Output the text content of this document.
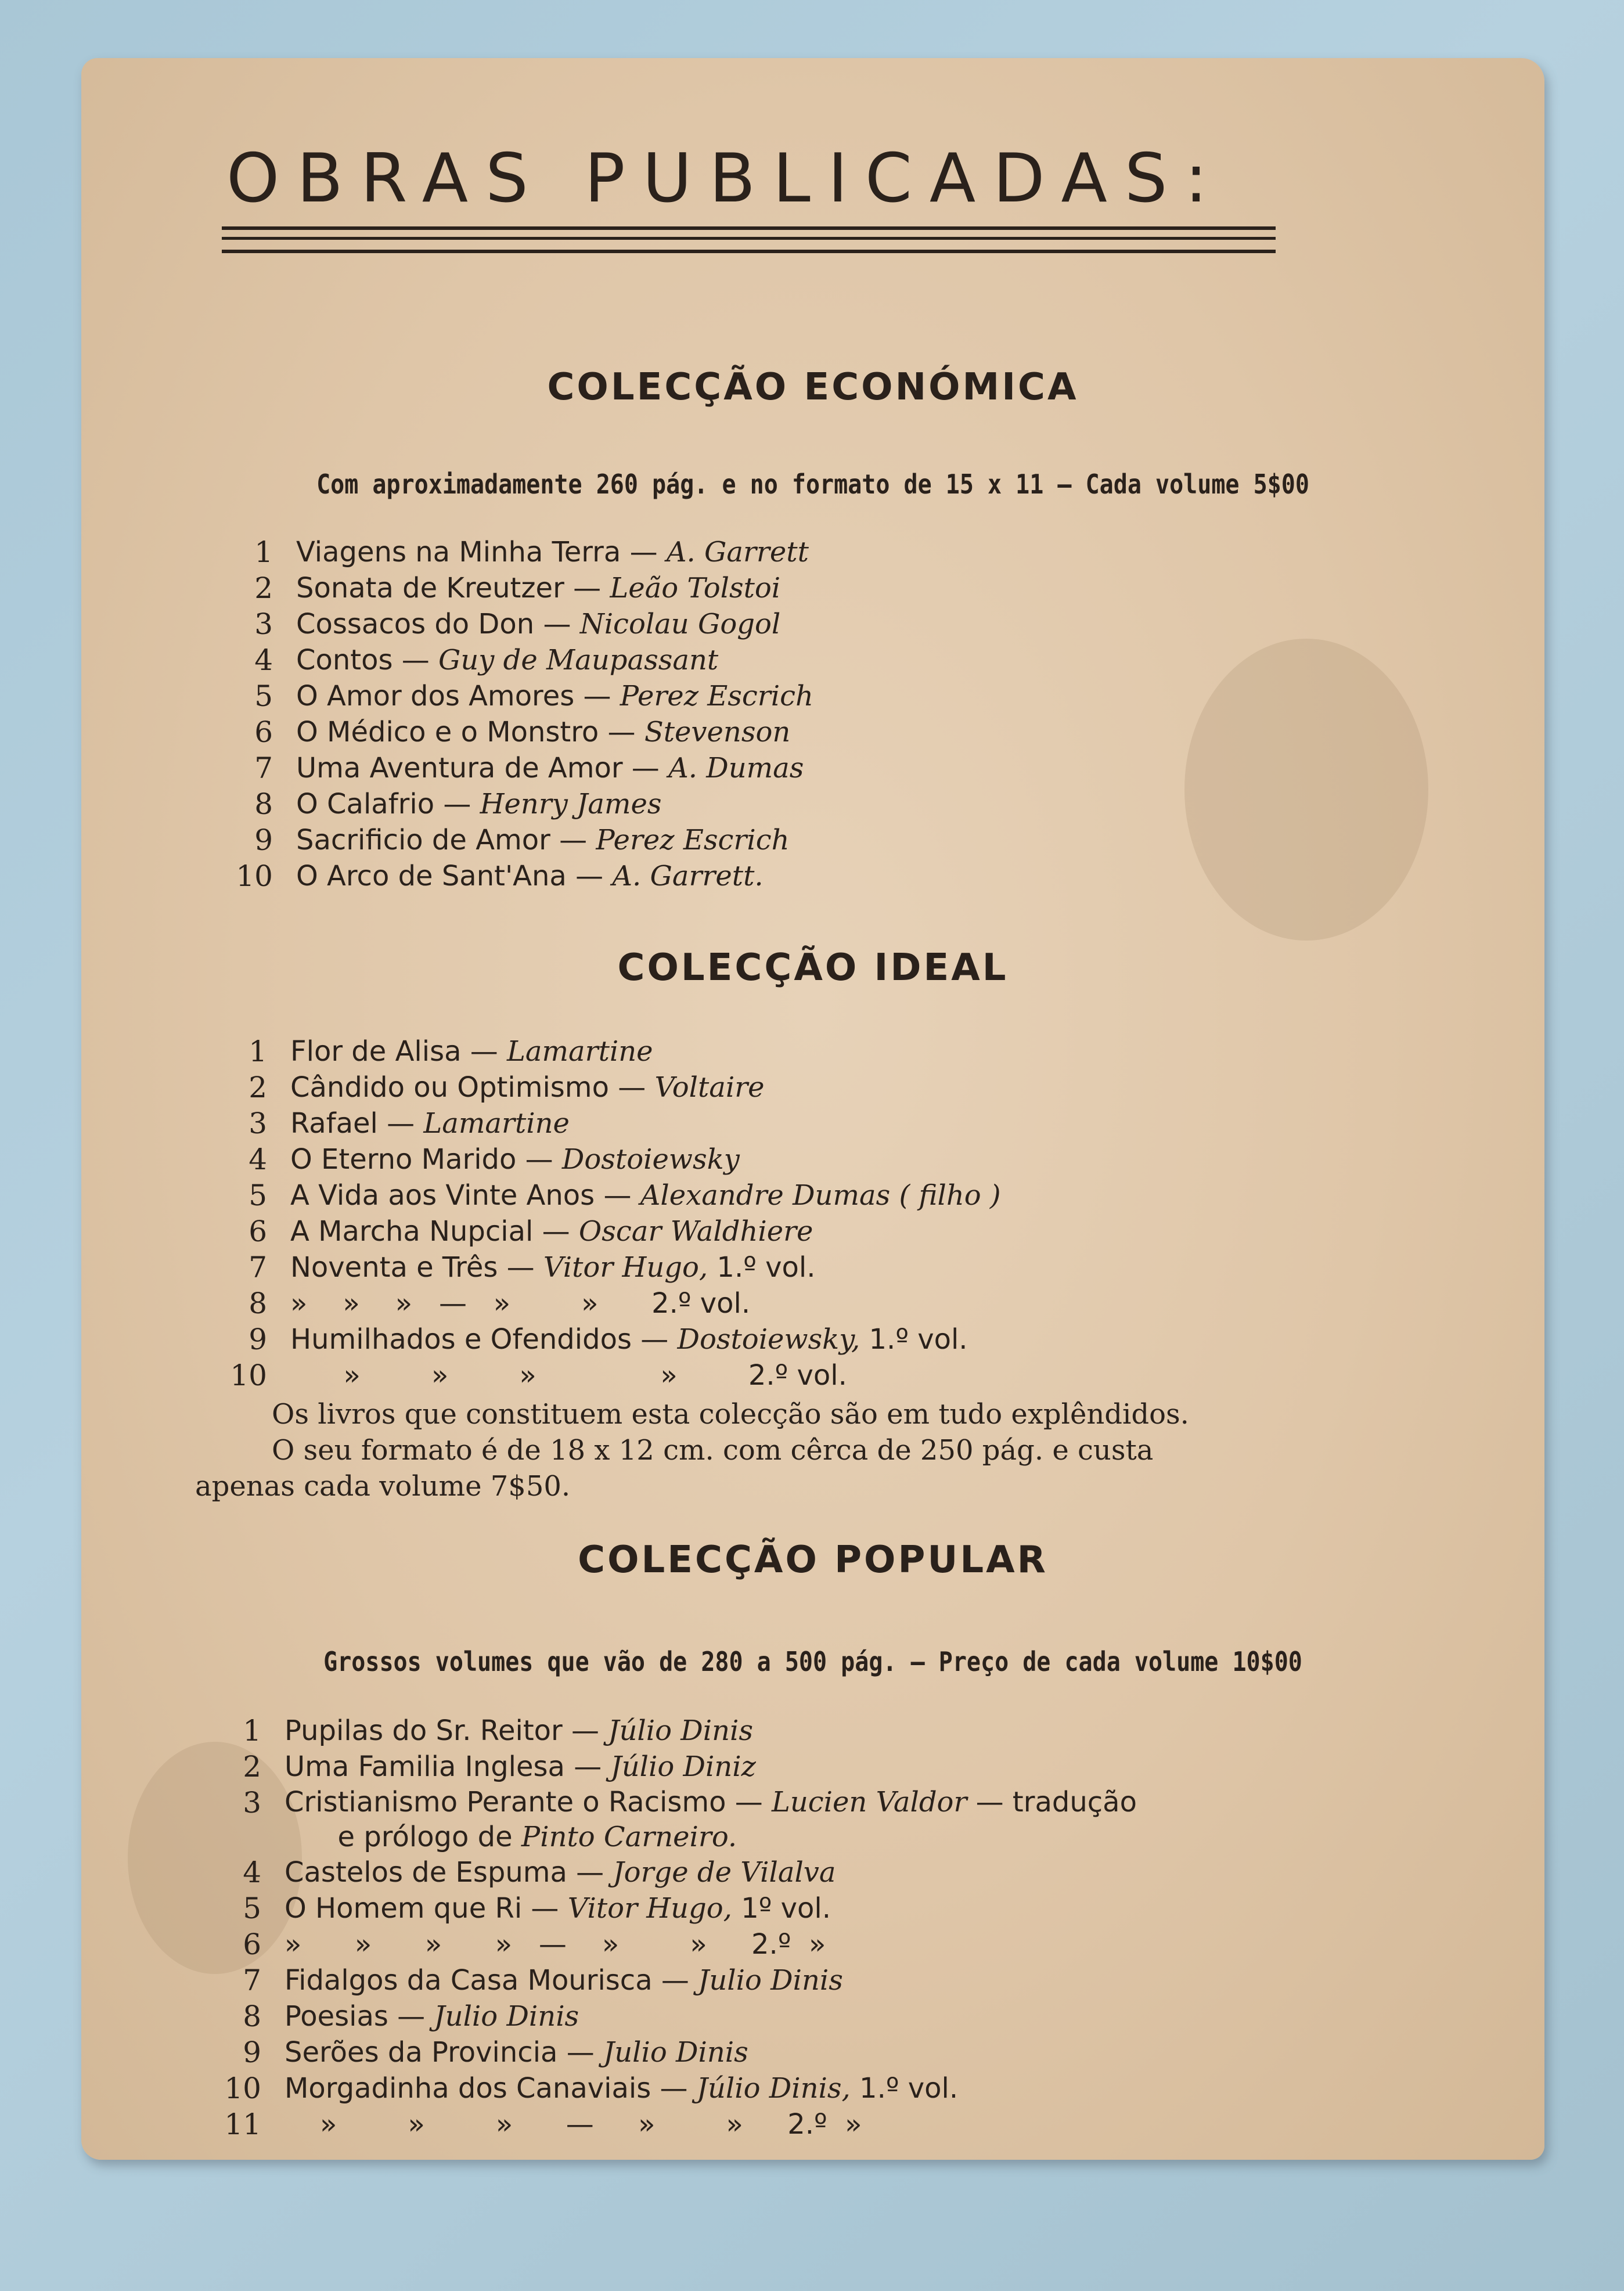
OBRAS PUBLICADAS:
COLECÇÃO ECONÓMICA

Com aproximadamente 260 pág. e no formato de 15 x 11 — Cada volume 5$00

1 Viagens na Minha Terra — A. Garrett
2 Sonata de Kreutzer — Leão Tolstoi
3 Cossacos do Don — Nicolau Gogol
4 Contos — Guy de Maupassant
5 O Amor dos Amores — Perez Escrich
6 O Médico e o Monstro — Stevenson
7 Uma Aventura de Amor — A. Dumas
8 O Calafrio — Henry James
9 Sacrificio de Amor — Perez Escrich
10 O Arco de Sant'Ana — A. Garrett.
COLECÇÃO IDEAL
1 Flor de Alisa — Lamartine
2 Cândido ou Optimismo — Voltaire
3 Rafael — Lamartine
4 O Eterno Marido — Dostoiewsky
5 A Vida aos Vinte Anos — Alexandre Dumas ( filho )
6 A Marcha Nupcial — Oscar Waldhiere
7 Noventa e Três — Vitor Hugo, 1.º vol.
8 »    »    »   —   »        » 2.º vol.
9 Humilhados e Ofendidos — Dostoiewsky, 1.º vol.
10 »        »        »              »	2.º vol.

Os livros que constituem esta colecção são em tudo explêndidos.

O seu formato é de 18 x 12 cm. com cêrca de 250 pág. e custa

apenas cada volume 7$50.

COLECÇÃO POPULAR

Grossos volumes que vão de 280 a 500 pág. — Preço de cada volume 10$00

1 Pupilas do Sr. Reitor — Júlio Dinis
2 Uma Familia Inglesa — Júlio Diniz
3 Cristianismo Perante o Racismo — Lucien Valdor — tradução
e prólogo de Pinto Carneiro.
4 Castelos de Espuma — Jorge de Vilalva
5 O Homem que Ri — Vitor Hugo, 1º vol.
6 »      »      »      »   —    »        » 2.º  »
7 Fidalgos da Casa Mourisca — Julio Dinis
8 Poesias — Julio Dinis
9 Serões da Provincia — Julio Dinis
10 Morgadinha dos Canaviais — Júlio Dinis, 1.º vol.
11 »        »        »      —     »        » 2.º  »
